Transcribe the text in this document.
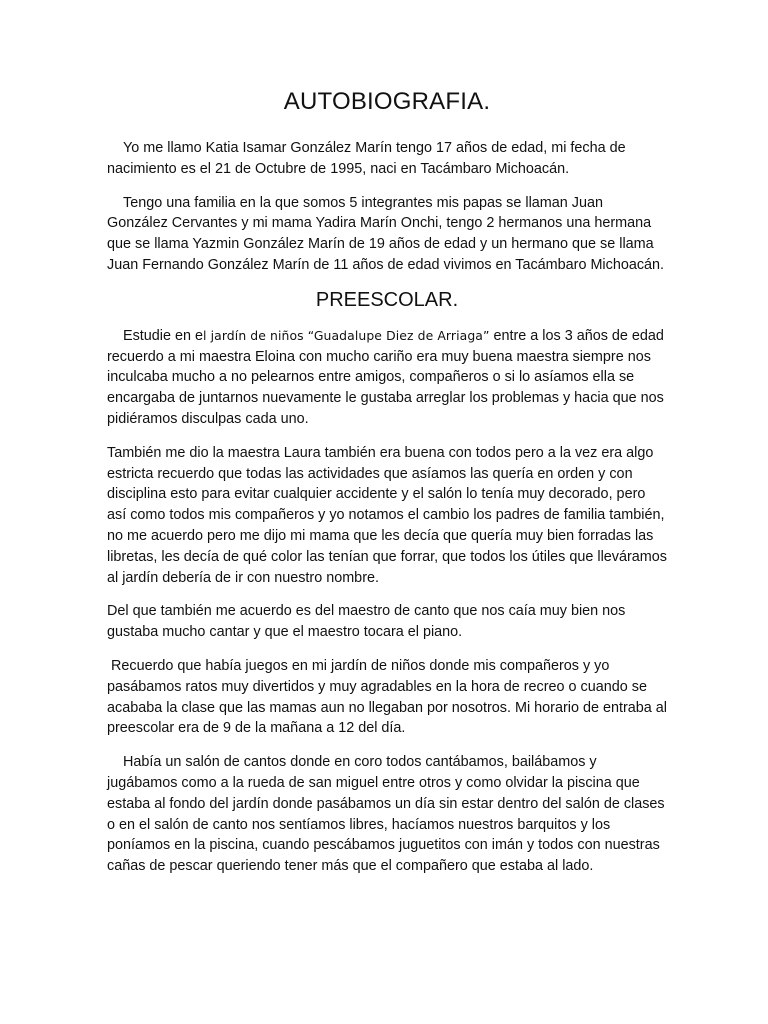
AUTOBIOGRAFIA.

Yo me llamo Katia Isamar González Marín tengo 17 años de edad, mi fecha de nacimiento es el 21 de Octubre de 1995, naci en Tacámbaro Michoacán.

Tengo una familia en la que somos 5 integrantes mis papas se llaman Juan González Cervantes y mi mama Yadira Marín Onchi, tengo 2 hermanos una hermana que se llama Yazmin González Marín de 19 años de edad y un hermano que se llama Juan Fernando González Marín de 11 años de edad vivimos en Tacámbaro Michoacán.

PREESCOLAR.

Estudie en el jardín de niños “Guadalupe Diez de Arriaga” entre a los 3 años de edad recuerdo a mi maestra Eloina con mucho cariño era muy buena maestra siempre nos inculcaba mucho a no pelearnos entre amigos, compañeros o si lo asíamos ella se encargaba de juntarnos nuevamente le gustaba arreglar los problemas y hacia que nos pidiéramos disculpas cada uno.

También me dio la maestra Laura también era buena con todos pero a la vez era algo estricta recuerdo que todas las actividades que asíamos las quería en orden y con disciplina esto para evitar cualquier accidente y el salón lo tenía muy decorado, pero así como todos mis compañeros y yo notamos el cambio los padres de familia también, no me acuerdo pero me dijo mi mama que les decía que quería muy bien forradas las libretas, les decía de qué color las tenían que forrar, que todos los útiles que lleváramos al jardín debería de ir con nuestro nombre.

Del que también me acuerdo es del maestro de canto que nos caía muy bien nos gustaba mucho cantar y que el maestro tocara el piano.

Recuerdo que había juegos en mi jardín de niños donde mis compañeros y yo pasábamos ratos muy divertidos y muy agradables en la hora de recreo o cuando se acababa la clase que las mamas aun no llegaban por nosotros. Mi horario de entraba al preescolar era de 9 de la mañana a 12 del día.

Había un salón de cantos donde en coro todos cantábamos, bailábamos y jugábamos como a la rueda de san miguel entre otros y como olvidar la piscina que estaba al fondo del jardín donde pasábamos un día sin estar dentro del salón de clases o en el salón de canto nos sentíamos libres, hacíamos nuestros barquitos y los poníamos en la piscina, cuando pescábamos juguetitos con imán y todos con nuestras cañas de pescar queriendo tener más que el compañero que estaba al lado.
